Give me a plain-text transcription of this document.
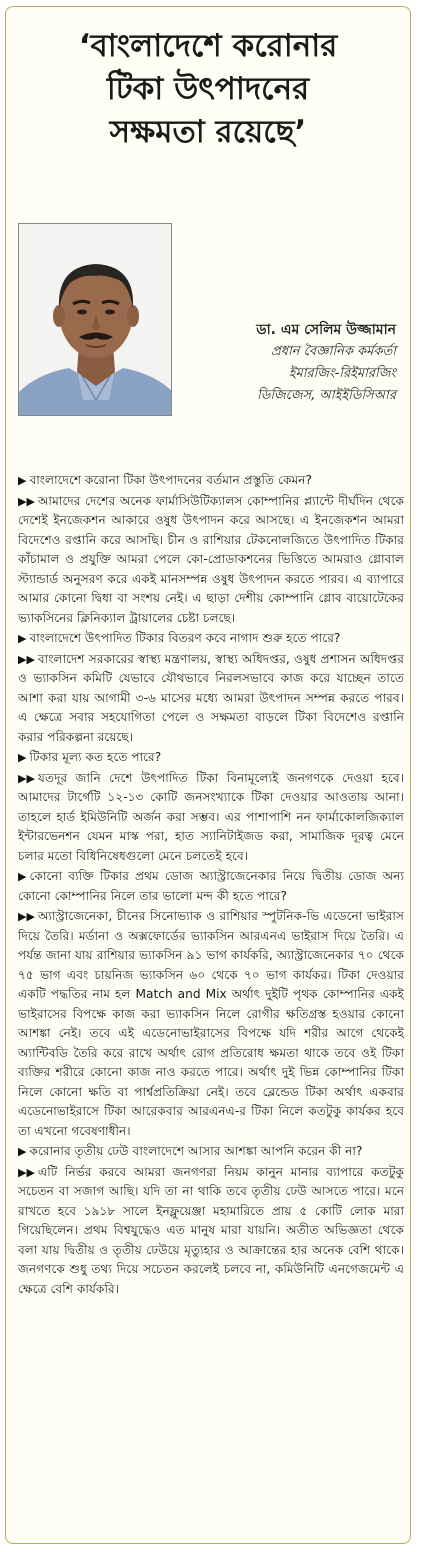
‘বাংলাদেশে করোনার
টিকা উৎপাদনের
সক্ষমতা রয়েছে’
ডা. এম সেলিম উজ্জামান
প্রধান বৈজ্ঞানিক কর্মকর্তা
ইমারজিং-রিইমারজিং
ডিজিজেস, আইইডিসিআর

▶ বাংলাদেশে করোনা টিকা উৎপাদনের বর্তমান প্রস্তুতি কেমন?

▶▶ আমাদের দেশের অনেক ফার্মাসিউটিক্যালস কোম্পানির প্ল্যান্টে দীর্ঘদিন থেকে দেশেই ইনজেকশন আকারে ওষুধ উৎপাদন করে আসছে। এ ইনজেকশন আমরা বিদেশেও রপ্তানি করে আসছি। চীন ও রাশিয়ার টেকনোলজিতে উৎপাদিত টিকার কাঁচামাল ও প্রযুক্তি আমরা পেলে কো-প্রোডাকশনের ভিত্তিতে আমরাও গ্লোবাল স্ট্যান্ডার্ড অনুসরণ করে একই মানসম্পন্ন ওষুধ উৎপাদন করতে পারব। এ ব্যাপারে আমার কোনো দ্বিধা বা সংশয় নেই। এ ছাড়া দেশীয় কোম্পানি গ্লোব বায়োটেকের ভ্যাকসিনের ক্লিনিক্যাল ট্রায়ালের চেষ্টা চলছে।

▶ বাংলাদেশে উৎপাদিত টিকার বিতরণ কবে নাগাদ শুরু হতে পারে?

▶▶ বাংলাদেশ সরকারের স্বাস্থ্য মন্ত্রণালয়, স্বাস্থ্য অধিদপ্তর, ওষুধ প্রশাসন অধিদপ্তর ও ভ্যাকসিন কমিটি যেভাবে যৌথভাবে নিরলসভাবে কাজ করে যাচ্ছেন তাতে আশা করা যায় আগামী ৩-৬ মাসের মধ্যে আমরা উৎপাদন সম্পন্ন করতে পারব। এ ক্ষেত্রে সবার সহযোগিতা পেলে ও সক্ষমতা বাড়লে টিকা বিদেশেও রপ্তানি করার পরিকল্পনা রয়েছে।

▶ টিকার মূল্য কত হতে পারে?

▶▶ যতদূর জানি দেশে উৎপাদিত টিকা বিনামূল্যেই জনগণকে দেওয়া হবে। আমাদের টার্গেটি ১২-১৩ কোটি জনসংখ্যাকে টিকা দেওয়ার আওতায় আনা। তাহলে হার্ড ইমিউনিটি অর্জন করা সম্ভব। এর পাশাপাশি নন ফার্মাকোলজিক্যাল ইন্টারভেনশন যেমন মাস্ক পরা, হাত স্যানিটাইজড করা, সামাজিক দূরত্ব মেনে চলার মতো বিধিনিষেধগুলো মেনে চলতেই হবে।

▶ কোনো ব্যক্তি টিকার প্রথম ডোজ অ্যাস্ট্রাজেনেকার নিয়ে দ্বিতীয় ডোজ অন্য কোনো কোম্পানির নিলে তার ভালো মন্দ কী হতে পারে?

▶▶ অ্যাস্ট্রাজেনেকা, চীনের সিনোভ্যাক ও রাশিয়ার স্পুটনিক-ভি এডেনো ভাইরাস দিয়ে তৈরি। মর্ডানা ও অক্সফোর্ডের ভ্যাকসিন আরএনএ ভাইরাস দিয়ে তৈরি। এ পর্যন্ত জানা যায় রাশিয়ার ভ্যাকসিন ৯১ ভাগ কার্যকরি, অ্যাস্ট্রাজেনেকার ৭০ থেকে ৭৫ ভাগ এবং চায়নিজ ভ্যাকসিন ৬০ থেকে ৭০ ভাগ কার্যকর। টিকা দেওয়ার একটি পদ্ধতির নাম হল Match and Mix অর্থাৎ দুইটি পৃথক কোম্পানির একই ভাইরাসের বিপক্ষে কাজ করা ভ্যাকসিন নিলে রোগীর ক্ষতিগ্রস্ত হওয়ার কোনো আশঙ্কা নেই। তবে এই এডেনোভাইরাসের বিপক্ষে যদি শরীর আগে থেকেই অ্যান্টিবডি তৈরি করে রাখে অর্থাৎ রোগ প্রতিরোধ ক্ষমতা থাকে তবে ওই টিকা ব্যক্তির শরীরে কোনো কাজ নাও করতে পারে। অর্থাৎ দুই ভিন্ন কোম্পানির টিকা নিলে কোনো ক্ষতি বা পার্শ্বপ্রতিক্রিয়া নেই। তবে ব্লেন্ডেড টিকা অর্থাৎ একবার এডেনোভাইরাসে টিকা আরেকবার আরএনএ-র টিকা নিলে কতটুকু কার্যকর হবে তা এখনো গবেষণাধীন।

▶ করোনার তৃতীয় ঢেউ বাংলাদেশে আসার আশঙ্কা আপনি করেন কী না?

▶▶ এটি নির্ভর করবে আমরা জনগণরা নিয়ম কানুন মানার ব্যাপারে কতটুকু সচেতন বা সজাগ আছি। যদি তা না থাকি তবে তৃতীয় ঢেউ আসতে পারে। মনে রাখতে হবে ১৯১৮ সালে ইনফ্লুয়েঞ্জা মহামারিতে প্রায় ৫ কোটি লোক মারা গিয়েছিলেন। প্রথম বিশ্বযুদ্ধেও এত মানুষ মারা যায়নি। অতীত অভিজ্ঞতা থেকে বলা যায় দ্বিতীয় ও তৃতীয় ঢেউয়ে মৃত্যুহার ও আক্রান্তের হার অনেক বেশি থাকে। জনগণকে শুধু তথ্য দিয়ে সচেতন করলেই চলবে না, কমিউনিটি এনগেজমেন্ট এ ক্ষেত্রে বেশি কার্যকরি।
